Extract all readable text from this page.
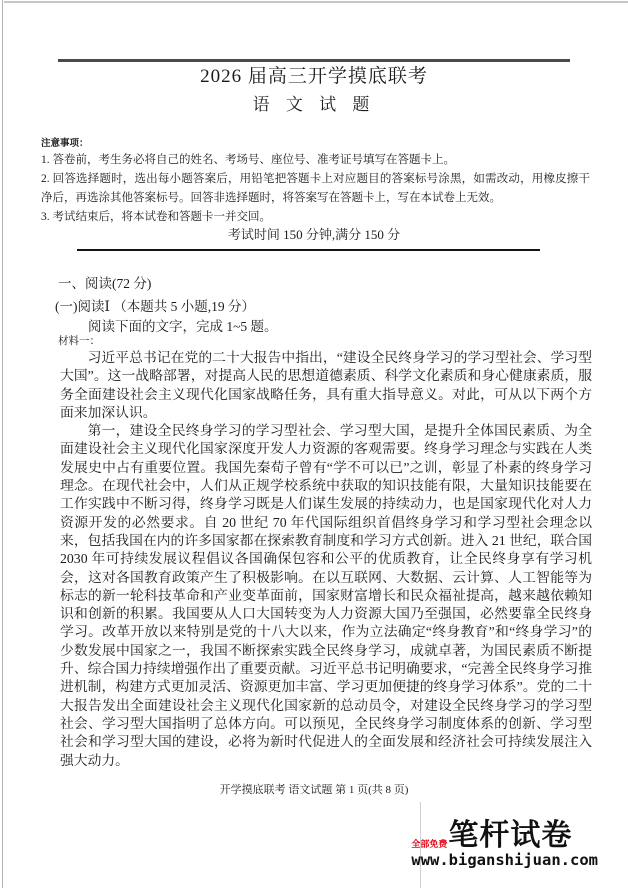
2026 届高三开学摸底联考
语 文 试 题
注意事项：

1. 答卷前，考生务必将自己的姓名、考场号、座位号、准考证号填写在答题卡上。

2. 回答选择题时，选出每小题答案后，用铅笔把答题卡上对应题目的答案标号涂黑，如需改动，用橡皮擦干净后，再选涂其他答案标号。回答非选择题时，将答案写在答题卡上，写在本试卷上无效。

3. 考试结束后，将本试卷和答题卡一并交回。

考试时间 150 分钟,满分 150 分
一、阅读(72 分)
(一)阅读Ⅰ （本题共 5 小题,19 分）
阅读下面的文字，完成 1~5 题。
材料一：

习近平总书记在党的二十大报告中指出，“建设全民终身学习的学习型社会、学习型大国”。这一战略部署，对提高人民的思想道德素质、科学文化素质和身心健康素质，服务全面建设社会主义现代化国家战略任务，具有重大指导意义。对此，可从以下两个方面来加深认识。

第一，建设全民终身学习的学习型社会、学习型大国，是提升全体国民素质、为全面建设社会主义现代化国家深度开发人力资源的客观需要。终身学习理念与实践在人类发展史中占有重要位置。我国先秦荀子曾有“学不可以已”之训，彰显了朴素的终身学习理念。在现代社会中，人们从正规学校系统中获取的知识技能有限，大量知识技能要在工作实践中不断习得，终身学习既是人们谋生发展的持续动力，也是国家现代化对人力资源开发的必然要求。自 20 世纪 70 年代国际组织首倡终身学习和学习型社会理念以来，包括我国在内的许多国家都在探索教育制度和学习方式创新。进入 21 世纪，联合国 2030 年可持续发展议程倡议各国确保包容和公平的优质教育，让全民终身享有学习机会，这对各国教育政策产生了积极影响。在以互联网、大数据、云计算、人工智能等为标志的新一轮科技革命和产业变革面前，国家财富增长和民众福祉提高，越来越依赖知识和创新的积累。我国要从人口大国转变为人力资源大国乃至强国，必然要靠全民终身学习。改革开放以来特别是党的十八大以来，作为立法确定“终身教育”和“终身学习”的少数发展中国家之一，我国不断探索实践全民终身学习，成就卓著，为国民素质不断提升、综合国力持续增强作出了重要贡献。习近平总书记明确要求，“完善全民终身学习推进机制，构建方式更加灵活、资源更加丰富、学习更加便捷的终身学习体系”。党的二十大报告发出全面建设社会主义现代化国家新的总动员令，对建设全民终身学习的学习型社会、学习型大国指明了总体方向。可以预见，全民终身学习制度体系的创新、学习型社会和学习型大国的建设，必将为新时代促进人的全面发展和经济社会可持续发展注入强大动力。

开学摸底联考 语文试题 第 1 页(共 8 页)
全部免费 笔杆试卷
www.biganshijuan.com
